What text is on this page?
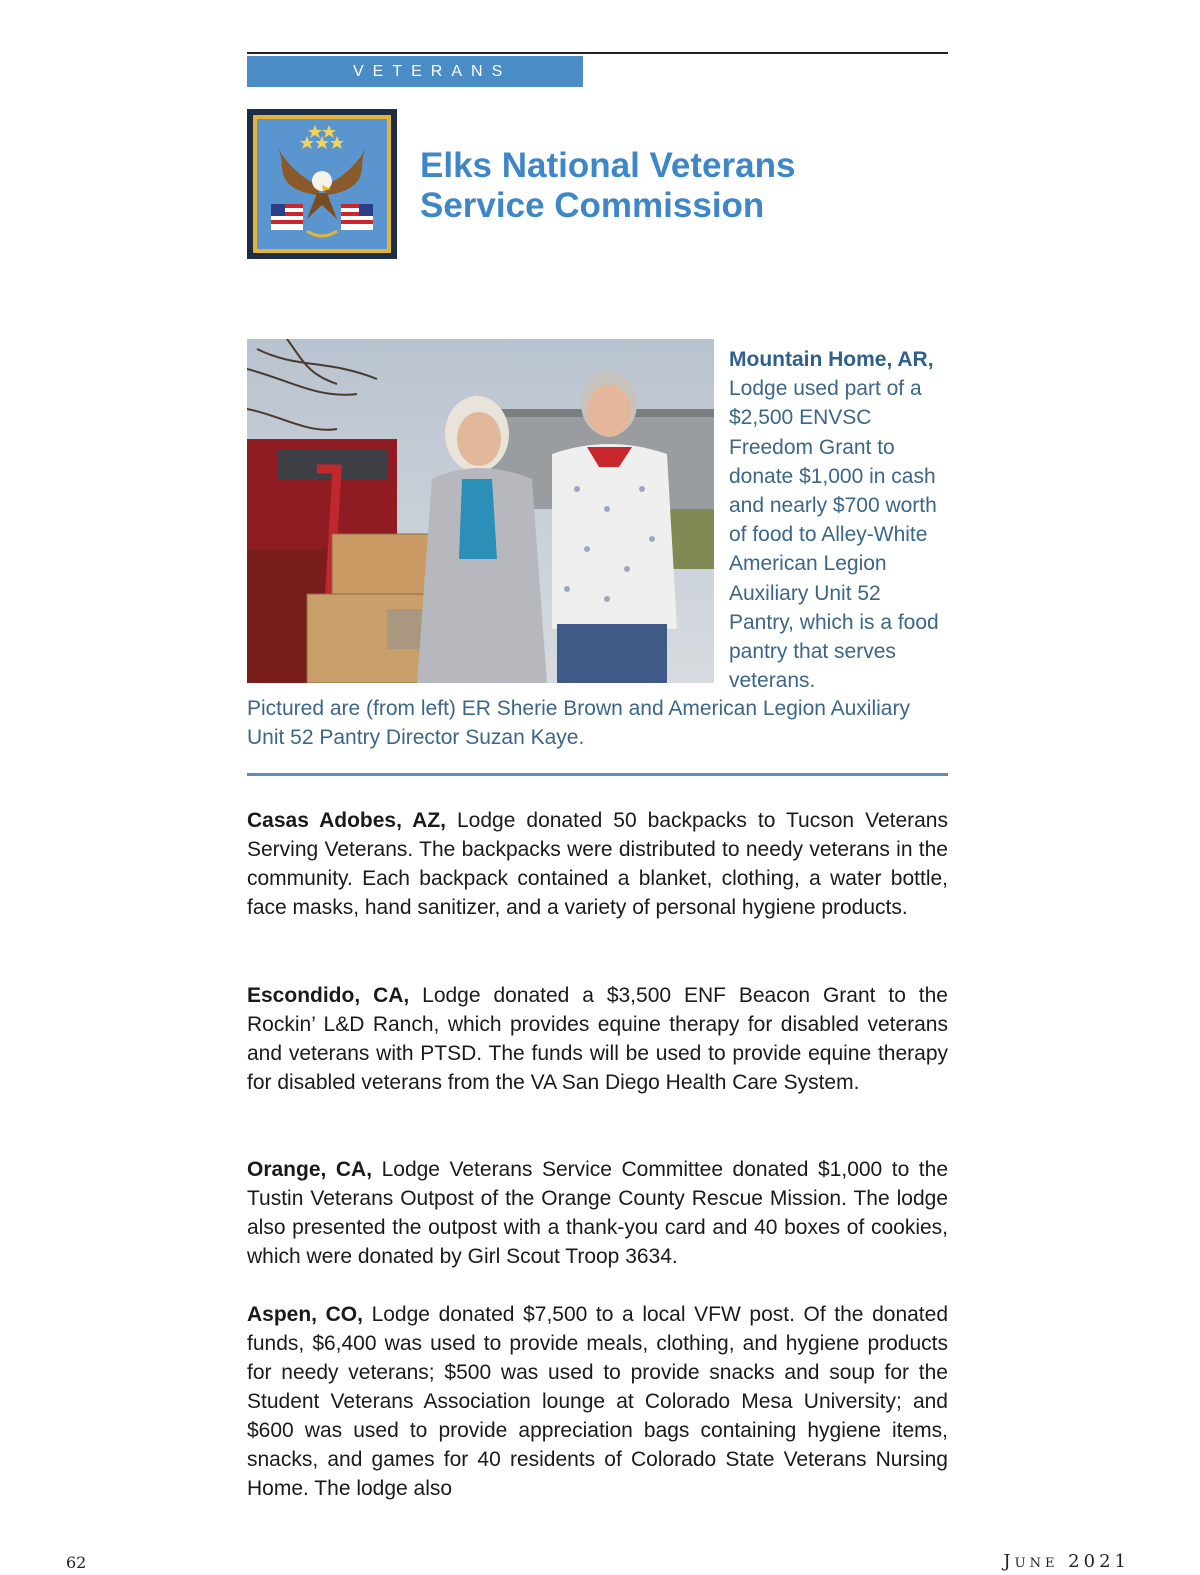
VETERANS
Elks National Veterans
Service Commission
Mountain Home, AR, Lodge used part of a $2,500 ENVSC Freedom Grant to donate $1,000 in cash and nearly $700 worth of food to Alley-White American Legion Auxiliary Unit 52 Pantry, which is a food pantry that serves veterans.
Pictured are (from left) ER Sherie Brown and American Legion Auxiliary Unit 52 Pantry Director Suzan Kaye.

Casas Adobes, AZ, Lodge donated 50 backpacks to Tucson Veterans Serving Veterans. The backpacks were distributed to needy veterans in the community. Each backpack contained a blanket, clothing, a water bottle, face masks, hand sanitizer, and a variety of personal hygiene products.

Escondido, CA, Lodge donated a $3,500 ENF Beacon Grant to the Rockin’ L&D Ranch, which provides equine therapy for disabled veterans and veterans with PTSD. The funds will be used to provide equine therapy for disabled veterans from the VA San Diego Health Care System.

Orange, CA, Lodge Veterans Service Committee donated $1,000 to the Tustin Veterans Outpost of the Orange County Rescue Mission. The lodge also presented the outpost with a thank-you card and 40 boxes of cookies, which were donated by Girl Scout Troop 3634.

Aspen, CO, Lodge donated $7,500 to a local VFW post. Of the donated funds, $6,400 was used to provide meals, clothing, and hygiene products for needy veterans; $500 was used to provide snacks and soup for the Student Veterans Association lounge at Colorado Mesa University; and $600 was used to provide appreciation bags containing hygiene items, snacks, and games for 40 residents of Colorado State Veterans Nursing Home. The lodge also

62	June 2021
